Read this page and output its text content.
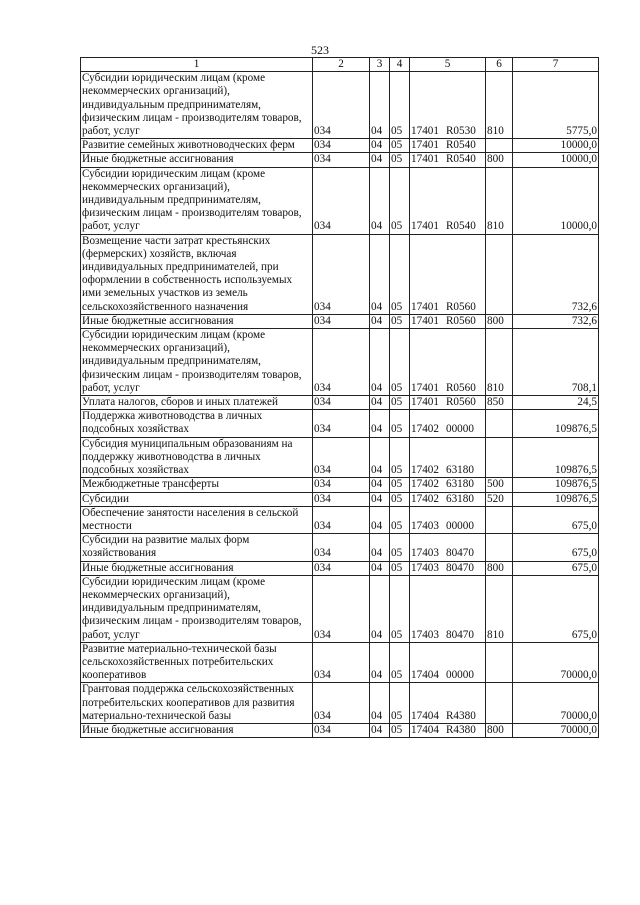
523
1	2	3	4	5	6	7
Субсидии юридическим лицам (кроме некоммерческих организаций), индивидуальным предпринимателям, физическим лицам - производителям товаров, работ, услуг	034	04	05	17401 R0530	810	5775,0
Развитие семейных животноводческих ферм	034	04	05	17401 R0540		10000,0
Иные бюджетные ассигнования	034	04	05	17401 R0540	800	10000,0
Субсидии юридическим лицам (кроме некоммерческих организаций), индивидуальным предпринимателям, физическим лицам - производителям товаров, работ, услуг	034	04	05	17401 R0540	810	10000,0
Возмещение части затрат крестьянских (фермерских) хозяйств, включая индивидуальных предпринимателей, при оформлении в собственность используемых ими земельных участков из земель сельскохозяйственного назначения	034	04	05	17401 R0560		732,6
Иные бюджетные ассигнования	034	04	05	17401 R0560	800	732,6
Субсидии юридическим лицам (кроме некоммерческих организаций), индивидуальным предпринимателям, физическим лицам - производителям товаров, работ, услуг	034	04	05	17401 R0560	810	708,1
Уплата налогов, сборов и иных платежей	034	04	05	17401 R0560	850	24,5
Поддержка животноводства в личных подсобных хозяйствах	034	04	05	17402 00000		109876,5
Субсидия муниципальным образованиям на поддержку животноводства в личных подсобных хозяйствах	034	04	05	17402 63180		109876,5
Межбюджетные трансферты	034	04	05	17402 63180	500	109876,5
Субсидии	034	04	05	17402 63180	520	109876,5
Обеспечение занятости населения в сельской местности	034	04	05	17403 00000		675,0
Субсидии на развитие малых форм хозяйствования	034	04	05	17403 80470		675,0
Иные бюджетные ассигнования	034	04	05	17403 80470	800	675,0
Субсидии юридическим лицам (кроме некоммерческих организаций), индивидуальным предпринимателям, физическим лицам - производителям товаров, работ, услуг	034	04	05	17403 80470	810	675,0
Развитие материально-технической базы сельскохозяйственных потребительских кооперативов	034	04	05	17404 00000		70000,0
Грантовая поддержка сельскохозяйственных потребительских кооперативов для развития материально-технической базы	034	04	05	17404 R4380		70000,0
Иные бюджетные ассигнования	034	04	05	17404 R4380	800	70000,0
